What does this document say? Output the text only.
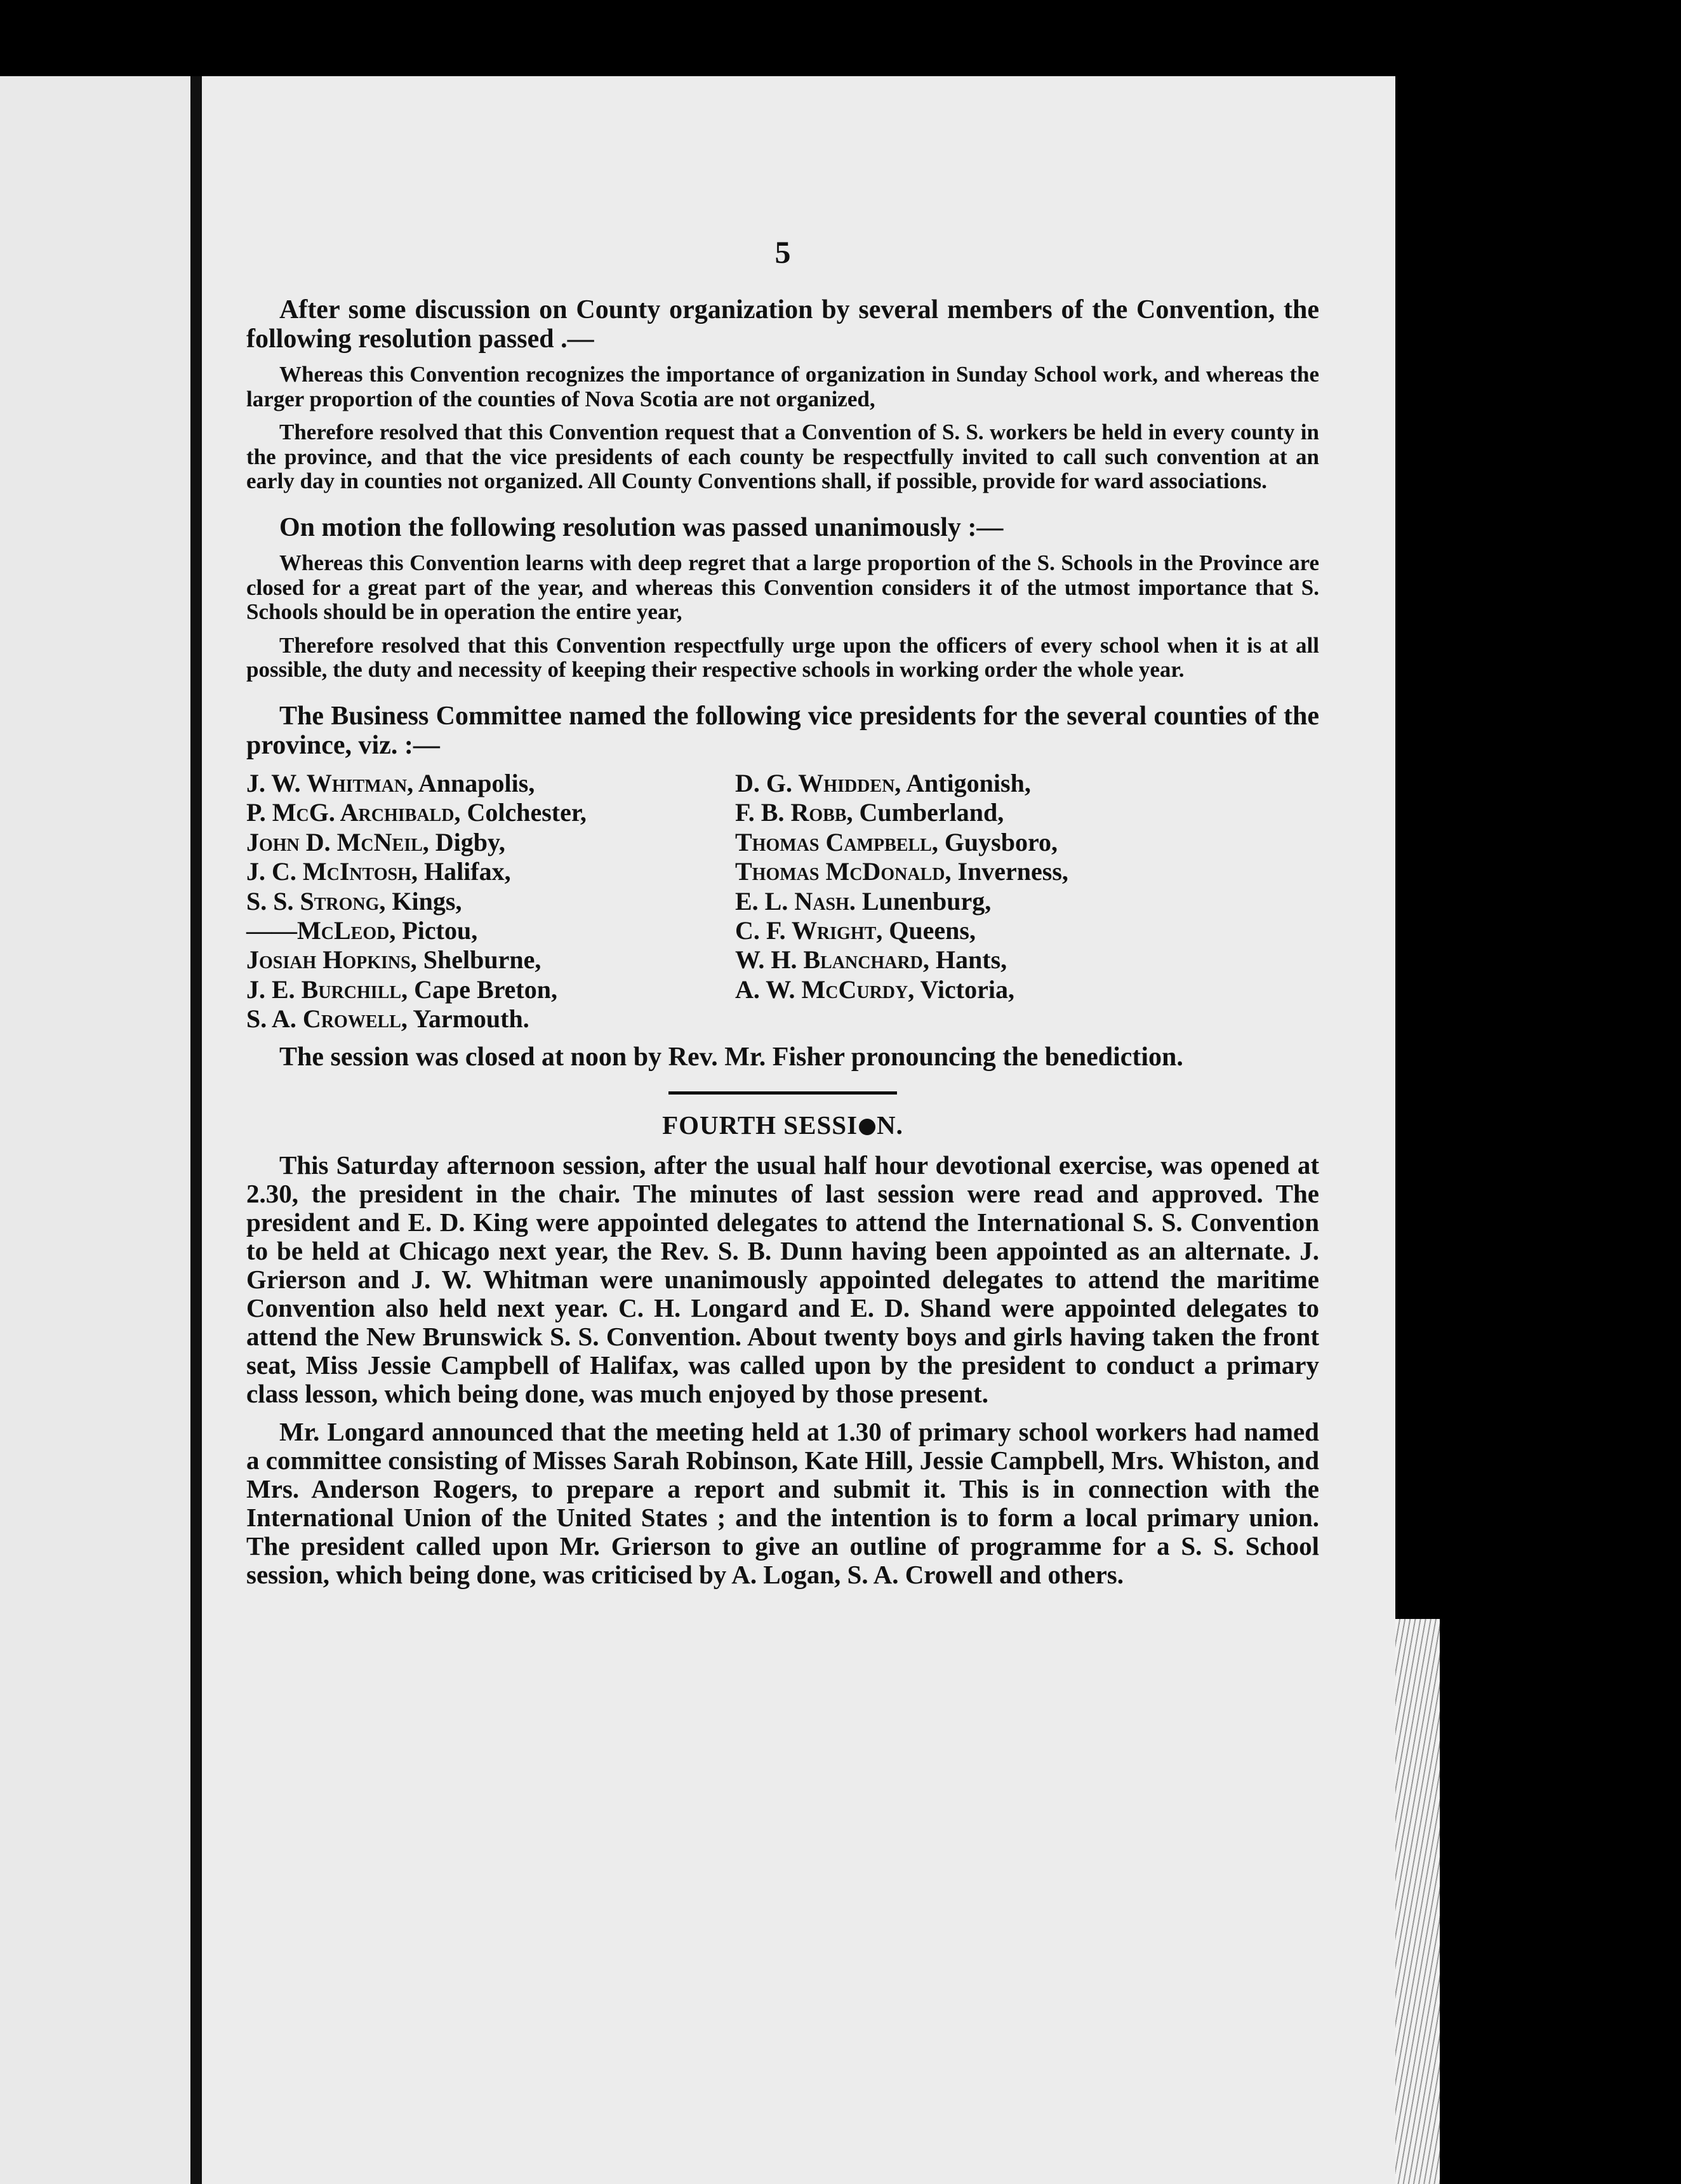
5

After some discussion on County organization by several members of the Convention, the following resolution passed .—

Whereas this Convention recognizes the importance of organization in Sunday School work, and whereas the larger proportion of the counties of Nova Scotia are not organized,

Therefore resolved that this Convention request that a Convention of S. S. workers be held in every county in the province, and that the vice presidents of each county be respectfully invited to call such convention at an early day in counties not organized. All County Conventions shall, if possible, provide for ward associations.

On motion the following resolution was passed unanimously :—

Whereas this Convention learns with deep regret that a large proportion of the S. Schools in the Province are closed for a great part of the year, and whereas this Convention considers it of the utmost importance that S. Schools should be in operation the entire year,

Therefore resolved that this Convention respectfully urge upon the officers of every school when it is at all possible, the duty and necessity of keeping their respective schools in working order the whole year.

The Business Committee named the following vice presidents for the several counties of the province, viz. :—

J. W. Whitman, Annapolis,
P. McG. Archibald, Colchester,
John D. McNeil, Digby,
J. C. McIntosh, Halifax,
S. S. Strong, Kings,
——McLeod, Pictou,
Josiah Hopkins, Shelburne,
J. E. Burchill, Cape Breton,
S. A. Crowell, Yarmouth.
D. G. Whidden, Antigonish,
F. B. Robb, Cumberland,
Thomas Campbell, Guysboro,
Thomas McDonald, Inverness,
E. L. Nash. Lunenburg,
C. F. Wright, Queens,
W. H. Blanchard, Hants,
A. W. McCurdy, Victoria,

The session was closed at noon by Rev. Mr. Fisher pronouncing the benediction.

FOURTH SESSI N.

This Saturday afternoon session, after the usual half hour devotional exercise, was opened at 2.30, the president in the chair. The minutes of last session were read and approved. The president and E. D. King were appointed delegates to attend the International S. S. Convention to be held at Chicago next year, the Rev. S. B. Dunn having been appointed as an alternate. J. Grierson and J. W. Whitman were unanimously appointed delegates to attend the maritime Convention also held next year. C. H. Longard and E. D. Shand were appointed delegates to attend the New Brunswick S. S. Convention. About twenty boys and girls having taken the front seat, Miss Jessie Campbell of Halifax, was called upon by the president to conduct a primary class lesson, which being done, was much enjoyed by those present.

Mr. Longard announced that the meeting held at 1.30 of primary school workers had named a committee consisting of Misses Sarah Robinson, Kate Hill, Jessie Campbell, Mrs. Whiston, and Mrs. Anderson Rogers, to prepare a report and submit it. This is in connection with the International Union of the United States ; and the intention is to form a local primary union. The president called upon Mr. Grierson to give an outline of programme for a S. S. School session, which being done, was criticised by A. Logan, S. A. Crowell and others.
